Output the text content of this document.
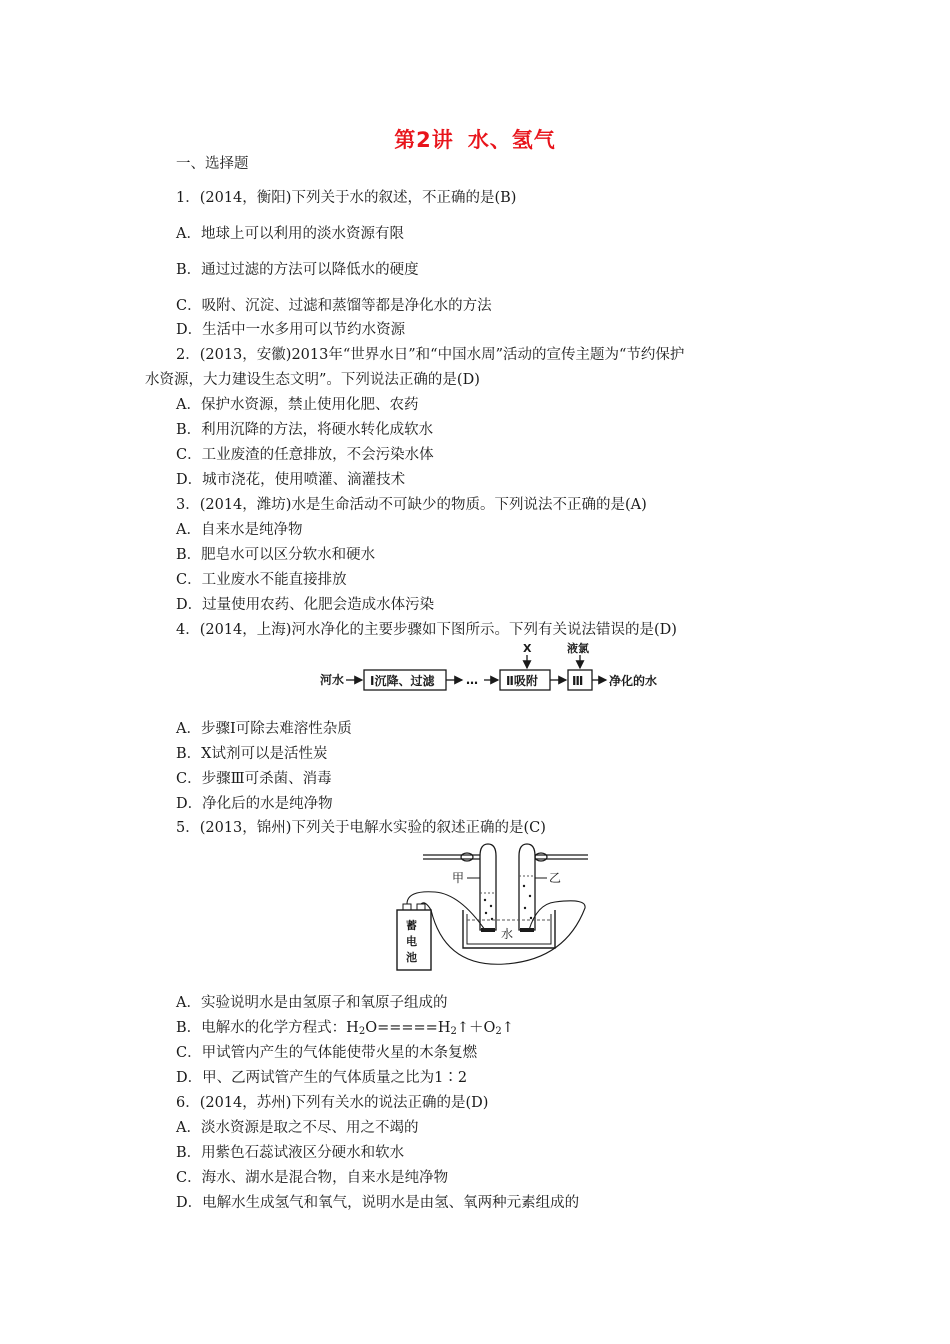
第2讲 水、氢气
一、选择题
1．(2014，衡阳)下列关于水的叙述，不正确的是(B)
A．地球上可以利用的淡水资源有限
B．通过过滤的方法可以降低水的硬度
C．吸附、沉淀、过滤和蒸馏等都是净化水的方法
D．生活中一水多用可以节约水资源
2．(2013，安徽)2013年“世界水日”和“中国水周”活动的宣传主题为“节约保护
水资源，大力建设生态文明”。下列说法正确的是(D)
A．保护水资源，禁止使用化肥、农药
B．利用沉降的方法，将硬水转化成软水
C．工业废渣的任意排放，不会污染水体
D．城市浇花，使用喷灌、滴灌技术
3．(2014，潍坊)水是生命活动不可缺少的物质。下列说法不正确的是(A)
A．自来水是纯净物
B．肥皂水可以区分软水和硬水
C．工业废水不能直接排放
D．过量使用农药、化肥会造成水体污染
4．(2014，上海)河水净化的主要步骤如下图所示。下列有关说法错误的是(D)
河水 Ⅰ沉降、过滤	… Ⅱ吸附
X
Ⅲ
液氯
净化的水
A．步骤Ⅰ可除去难溶性杂质
B．X试剂可以是活性炭
C．步骤Ⅲ可杀菌、消毒
D．净化后的水是纯净物
5．(2013，锦州)下列关于电解水实验的叙述正确的是(C)
甲	乙
水
蓄
电
池
A．实验说明水是由氢原子和氧原子组成的
B．电解水的化学方程式：H2O=====H2↑＋O2↑
C．甲试管内产生的气体能使带火星的木条复燃
D．甲、乙两试管产生的气体质量之比为1∶2
6．(2014，苏州)下列有关水的说法正确的是(D)
A．淡水资源是取之不尽、用之不竭的
B．用紫色石蕊试液区分硬水和软水
C．海水、湖水是混合物，自来水是纯净物
D．电解水生成氢气和氧气，说明水是由氢、氧两种元素组成的
